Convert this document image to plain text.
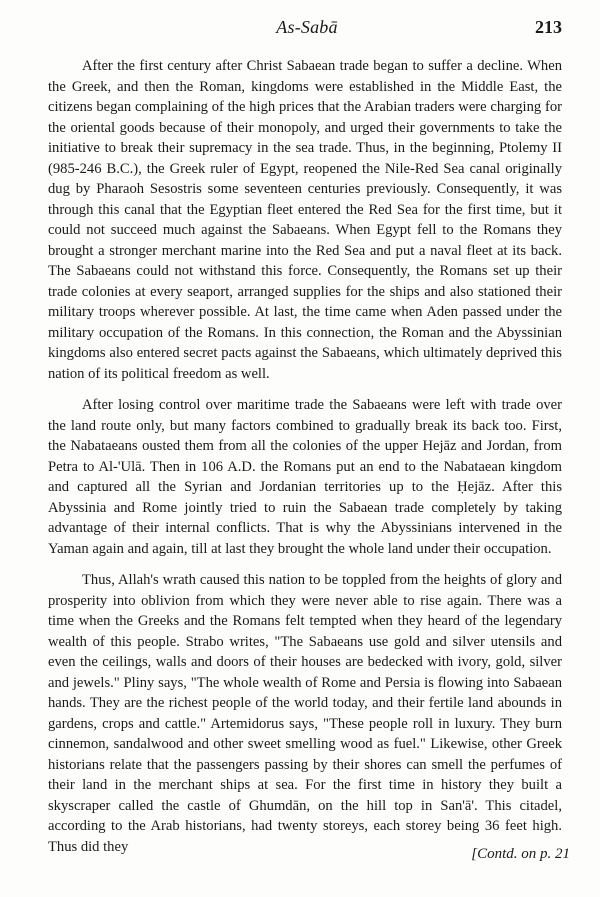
As-Sabā	213

After the first century after Christ Sabaean trade began to suffer a decline. When the Greek, and then the Roman, kingdoms were established in the Middle East, the citizens began complaining of the high prices that the Arabian traders were charging for the oriental goods because of their monopoly, and urged their governments to take the initiative to break their supremacy in the sea trade. Thus, in the beginning, Ptolemy II (985-246 B.C.), the Greek ruler of Egypt, reopened the Nile-Red Sea canal originally dug by Pharaoh Sesostris some seventeen centuries previously. Consequently, it was through this canal that the Egyptian fleet entered the Red Sea for the first time, but it could not succeed much against the Sabaeans. When Egypt fell to the Romans they brought a stronger merchant marine into the Red Sea and put a naval fleet at its back. The Sabaeans could not withstand this force. Consequently, the Romans set up their trade colonies at every seaport, arranged supplies for the ships and also stationed their military troops wherever possible. At last, the time came when Aden passed under the military occupation of the Romans. In this connection, the Roman and the Abyssinian kingdoms also entered secret pacts against the Sabaeans, which ultimately deprived this nation of its political freedom as well.

After losing control over maritime trade the Sabaeans were left with trade over the land route only, but many factors combined to gradually break its back too. First, the Nabataeans ousted them from all the colonies of the upper Hejāz and Jordan, from Petra to Al-'Ulā. Then in 106 A.D. the Romans put an end to the Nabataean kingdom and captured all the Syrian and Jordanian territories up to the Ḥejāz. After this Abyssinia and Rome jointly tried to ruin the Sabaean trade completely by taking advantage of their internal conflicts. That is why the Abyssinians intervened in the Yaman again and again, till at last they brought the whole land under their occupation.

Thus, Allah's wrath caused this nation to be toppled from the heights of glory and prosperity into oblivion from which they were never able to rise again. There was a time when the Greeks and the Romans felt tempted when they heard of the legendary wealth of this people. Strabo writes, "The Sabaeans use gold and silver utensils and even the ceilings, walls and doors of their houses are bedecked with ivory, gold, silver and jewels." Pliny says, "The whole wealth of Rome and Persia is flowing into Sabaean hands. They are the richest people of the world today, and their fertile land abounds in gardens, crops and cattle." Artemidorus says, "These people roll in luxury. They burn cinnemon, sandalwood and other sweet smelling wood as fuel." Likewise, other Greek historians relate that the passengers passing by their shores can smell the perfumes of their land in the merchant ships at sea. For the first time in history they built a skyscraper called the castle of Ghumdān, on the hill top in San'ā'. This citadel, according to the Arab historians, had twenty storeys, each storey being 36 feet high. Thus did they	[Contd. on p. 21
